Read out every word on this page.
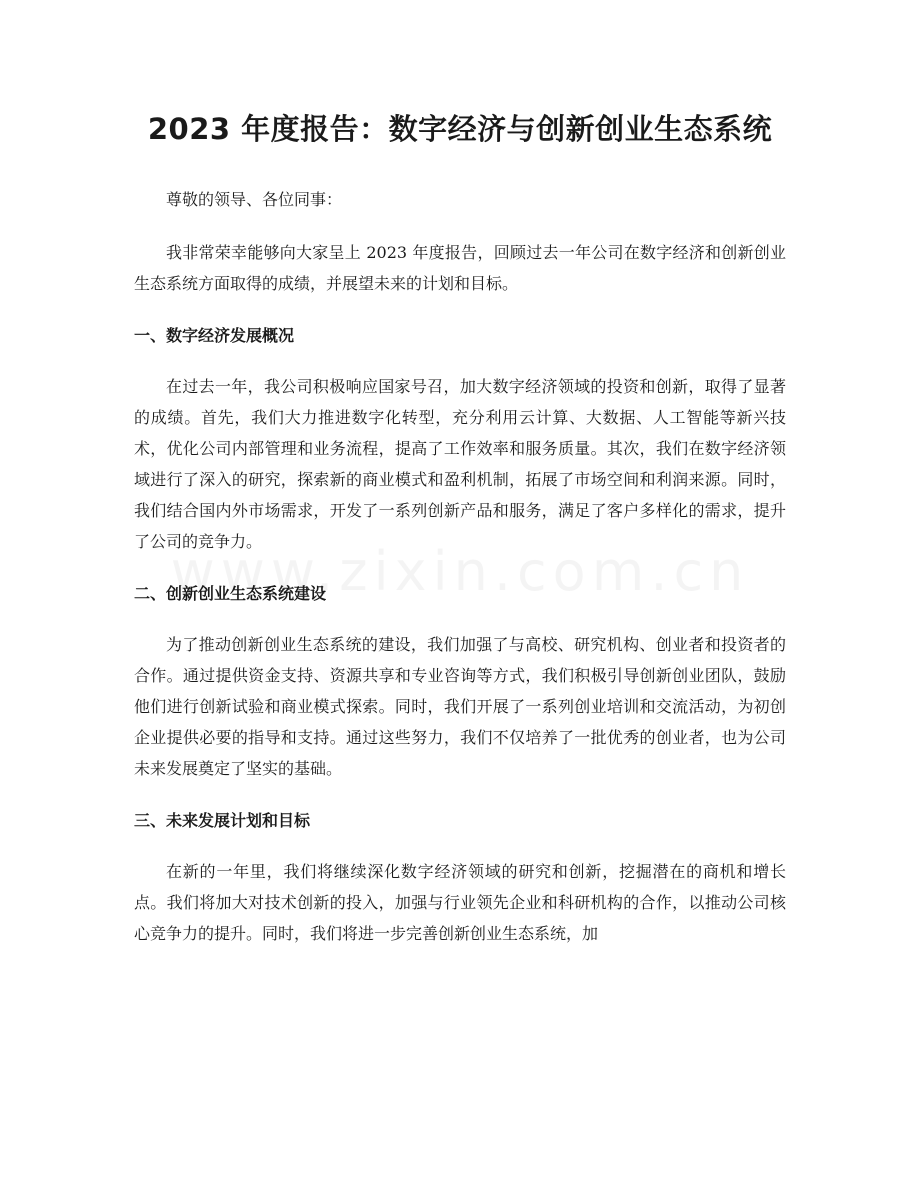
2023 年度报告：数字经济与创新创业生态系统

尊敬的领导、各位同事：

我非常荣幸能够向大家呈上 2023 年度报告，回顾过去一年公司在数字经济和创新创业生态系统方面取得的成绩，并展望未来的计划和目标。

一、数字经济发展概况

在过去一年，我公司积极响应国家号召，加大数字经济领域的投资和创新，取得了显著的成绩。首先，我们大力推进数字化转型，充分利用云计算、大数据、人工智能等新兴技术，优化公司内部管理和业务流程，提高了工作效率和服务质量。其次，我们在数字经济领域进行了深入的研究，探索新的商业模式和盈利机制，拓展了市场空间和利润来源。同时，我们结合国内外市场需求，开发了一系列创新产品和服务，满足了客户多样化的需求，提升了公司的竞争力。

二、创新创业生态系统建设

为了推动创新创业生态系统的建设，我们加强了与高校、研究机构、创业者和投资者的合作。通过提供资金支持、资源共享和专业咨询等方式，我们积极引导创新创业团队，鼓励他们进行创新试验和商业模式探索。同时，我们开展了一系列创业培训和交流活动，为初创企业提供必要的指导和支持。通过这些努力，我们不仅培养了一批优秀的创业者，也为公司未来发展奠定了坚实的基础。

三、未来发展计划和目标

在新的一年里，我们将继续深化数字经济领域的研究和创新，挖掘潜在的商机和增长点。我们将加大对技术创新的投入，加强与行业领先企业和科研机构的合作，以推动公司核心竞争力的提升。同时，我们将进一步完善创新创业生态系统，加
